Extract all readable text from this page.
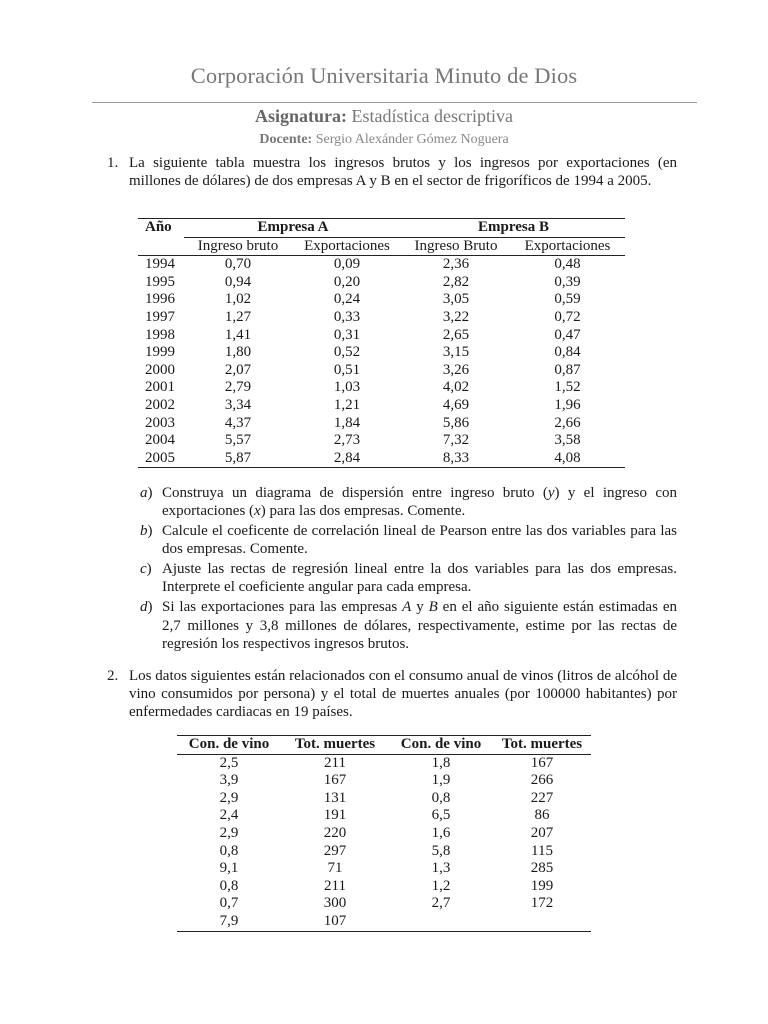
Corporación Universitaria Minuto de Dios
Asignatura: Estadística descriptiva
Docente: Sergio Alexánder Gómez Noguera
1. La siguiente tabla muestra los ingresos brutos y los ingresos por exportaciones (en millones de dólares) de dos empresas A y B en el sector de frigoríficos de 1994 a 2005.
Año	Empresa A		Empresa B	
	Ingreso bruto	Exportaciones	Ingreso Bruto	Exportaciones
1994	0,70	0,09	2,36	0,48
1995	0,94	0,20	2,82	0,39
1996	1,02	0,24	3,05	0,59
1997	1,27	0,33	3,22	0,72
1998	1,41	0,31	2,65	0,47
1999	1,80	0,52	3,15	0,84
2000	2,07	0,51	3,26	0,87
2001	2,79	1,03	4,02	1,52
2002	3,34	1,21	4,69	1,96
2003	4,37	1,84	5,86	2,66
2004	5,57	2,73	7,32	3,58
2005	5,87	2,84	8,33	4,08
a) Construya un diagrama de dispersión entre ingreso bruto (y) y el ingreso con exportaciones (x) para las dos empresas. Comente.
b) Calcule el coeficente de correlación lineal de Pearson entre las dos variables para las dos empresas. Comente.
c) Ajuste las rectas de regresión lineal entre la dos variables para las dos empresas. Interprete el coeficiente angular para cada empresa.
d) Si las exportaciones para las empresas A y B en el año siguiente están estimadas en 2,7 millones y 3,8 millones de dólares, respectivamente, estime por las rectas de regresión los respectivos ingresos brutos.
2. Los datos siguientes están relacionados con el consumo anual de vinos (litros de alcóhol de vino consumidos por persona) y el total de muertes anuales (por 100000 habitantes) por enfermedades cardiacas en 19 países.
Con. de vino	Tot. muertes	Con. de vino	Tot. muertes
2,5	211	1,8	167
3,9	167	1,9	266
2,9	131	0,8	227
2,4	191	6,5	86
2,9	220	1,6	207
0,8	297	5,8	115
9,1	71	1,3	285
0,8	211	1,2	199
0,7	300	2,7	172
7,9	107		
